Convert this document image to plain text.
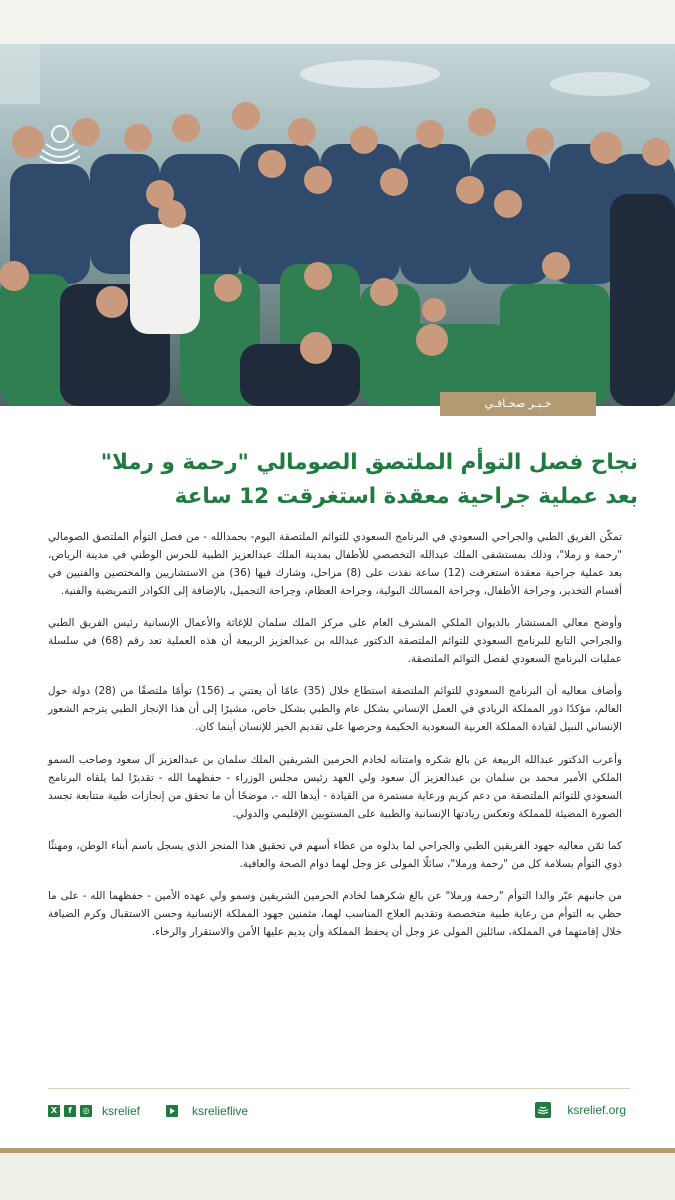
خـبـر صحـافـي
نجاح فصل التوأم الملتصق الصومالي "رحمة و رملا"
بعد عملية جراحية معقدة استغرقت 12 ساعة

تمكّن الفريق الطبي والجراحي السعودي في البرنامج السعودي للتوائم الملتصقة اليوم- بحمدالله - من فصل التوأم الملتصق الصومالي "رحمة و رملا"، وذلك بمستشفى الملك عبدالله التخصصي للأطفال بمدينة الملك عبدالعزيز الطبية للحرس الوطني في مدينة الرياض، بعد عملية جراحية معقدة استغرقت (12) ساعة نفذت على (8) مراحل، وشارك فيها (36) من الاستشاريين والمختصين والفنيين في أقسام التخدير، وجراحة الأطفال، وجراحة المسالك البولية، وجراحة العظام، وجراحة التجميل، بالإضافة إلى الكوادر التمريضية والفنية.

وأوضح معالي المستشار بالديوان الملكي المشرف العام على مركز الملك سلمان للإغاثة والأعمال الإنسانية رئيس الفريق الطبي والجراحي التابع للبرنامج السعودي للتوائم الملتصقة الدكتور عبدالله بن عبدالعزيز الربيعة أن هذه العملية تعد رقم (68) في سلسلة عمليات البرنامج السعودي لفصل التوائم الملتصقة.

وأضاف معاليه أن البرنامج السعودي للتوائم الملتصقة استطاع خلال (35) عامًا أن يعتني بـ (156) توأمًا ملتصقًا من (28) دولة حول العالم، مؤكدًا دور المملكة الريادي في العمل الإنساني بشكل عام والطبي بشكل خاص، مشيرًا إلى أن هذا الإنجاز الطبي يترجم الشعور الإنساني النبيل لقيادة المملكة العربية السعودية الحكيمة وحرصها على تقديم الخير للإنسان أينما كان.

وأعرب الدكتور عبدالله الربيعة عن بالغ شكره وامتنانه لخادم الحرمين الشريفين الملك سلمان بن عبدالعزيز آل سعود وصاحب السمو الملكي الأمير محمد بن سلمان بن عبدالعزيز آل سعود ولي العهد رئيس مجلس الوزراء - حفظهما الله - تقديرًا لما يلقاه البرنامج السعودي للتوائم الملتصقة من دعم كريم ورعاية مستمرة من القيادة - أيدها الله -، موضحًا أن ما تحقق من إنجازات طبية متتابعة تجسد الصورة المضيئة للمملكة وتعكس ريادتها الإنسانية والطبية على المستويين الإقليمي والدولي.

كما ثمّن معاليه جهود الفريقين الطبي والجراحي لما بذلوه من عطاء أسهم في تحقيق هذا المنجز الذي يسجل باسم أبناء الوطن، ومهنئًا ذوي التوأم بسلامة كل من "رحمة ورملا"، سائلًا المولى عز وجل لهما دوام الصحة والعافية.

من جانبهم عبّر والدا التوأم "رحمة ورملا" عن بالغ شكرهما لخادم الحرمين الشريفين وسمو ولي عهده الأمين - حفظهما الله - على ما حظي به التوأم من رعاية طبية متخصصة وتقديم العلاج المناسب لهما، مثمنين جهود المملكة الإنسانية وحسن الاستقبال وكرم الضيافة خلال إقامتهما في المملكة، سائلين المولى عز وجل أن يحفظ المملكة وأن يديم عليها الأمن والاستقرار والرخاء.

X	f	◎ ksrelief	ksrelieflive	ksrelief.org
